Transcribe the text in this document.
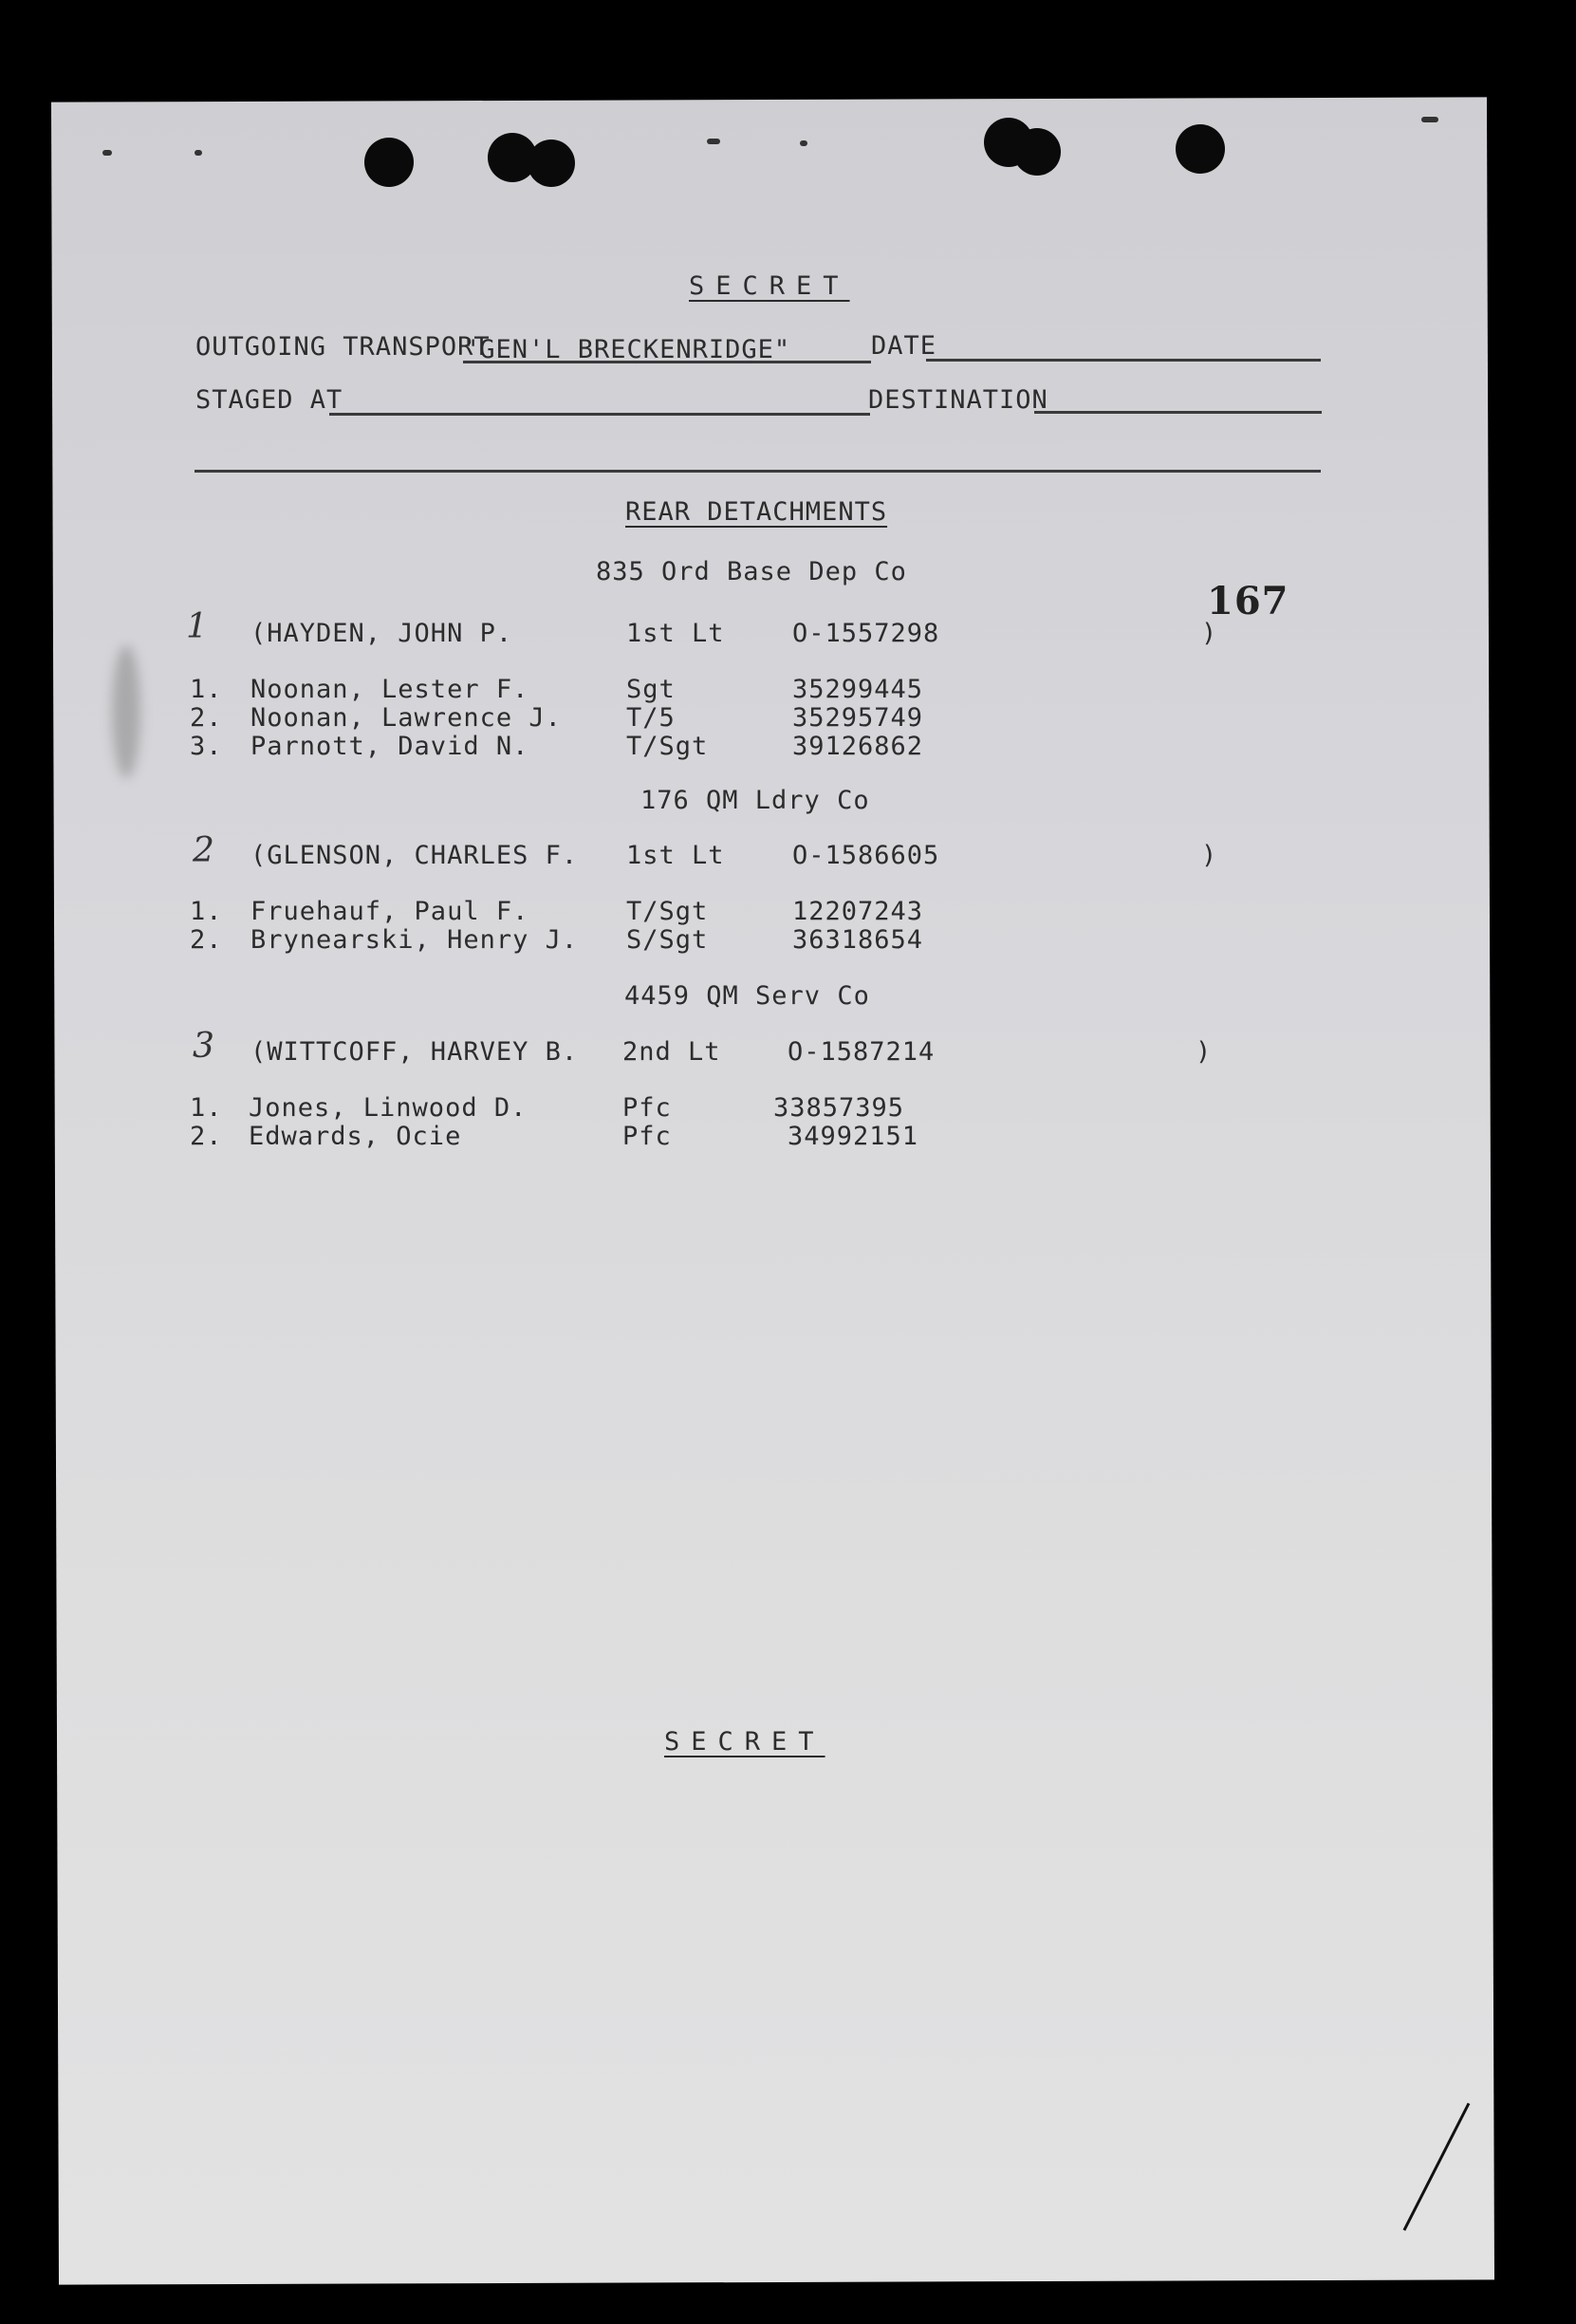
SECRET
OUTGOING TRANSPORT
"GEN'L BRECKENRIDGE"	DATE
STAGED AT	DESTINATION
167
REAR DETACHMENTS
835 Ord Base Dep Co
1 (HAYDEN, JOHN P.	1st Lt	O-1557298	)
1. Noonan, Lester F.	Sgt	35299445
2. Noonan, Lawrence J.	T/5	35295749
3. Parnott, David N.	T/Sgt	39126862
176 QM Ldry Co
2 (GLENSON, CHARLES F. 1st Lt	O-1586605	)
1. Fruehauf, Paul F.	T/Sgt	12207243
2. Brynearski, Henry J. S/Sgt	36318654
4459 QM Serv Co
3 (WITTCOFF, HARVEY B. 2nd Lt	O-1587214	)
1. Jones, Linwood D.	Pfc	33857395
2. Edwards, Ocie	Pfc	34992151
SECRET
